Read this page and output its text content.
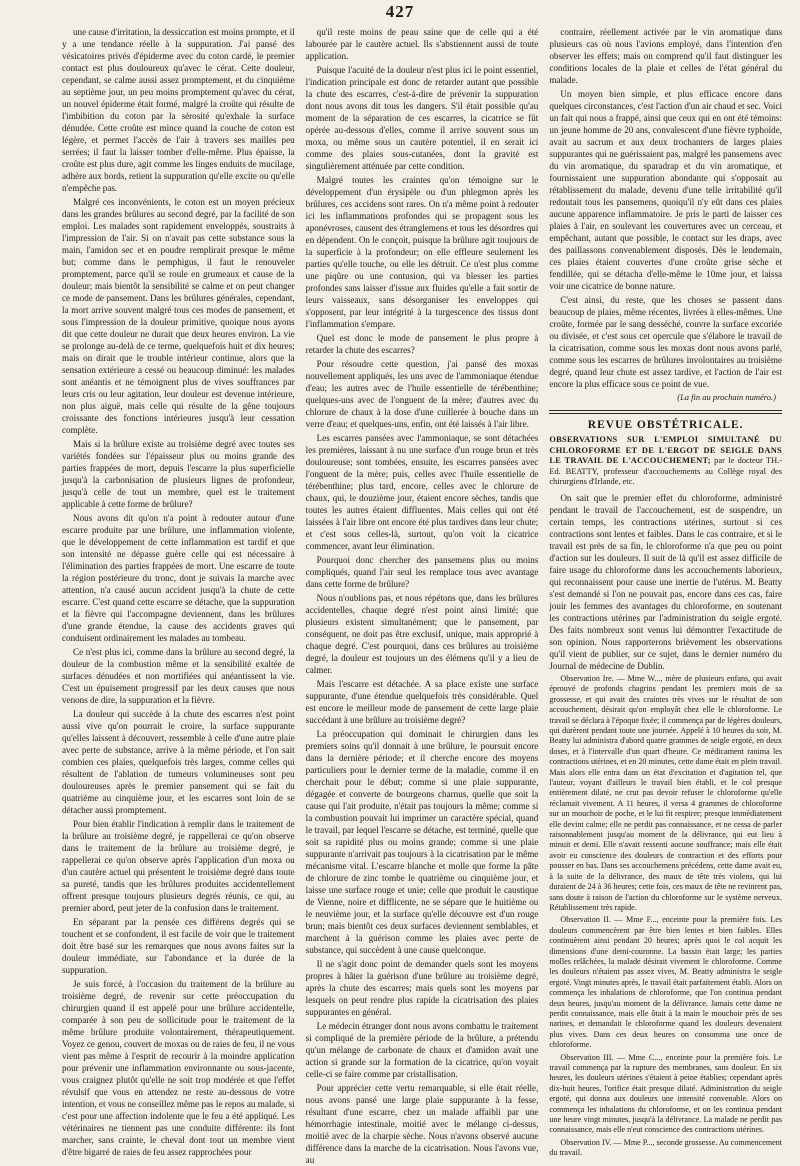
427

une cause d'irritation, la dessiccation est moins prompte, et il y a une tendance réelle à la suppuration. J'ai pansé des vésicatoires privés d'épiderme avec du coton cardé, le premier contact est plus douloureux qu'avec le cérat. Cette douleur, cependant, se calme aussi assez promptement, et du cinquième au septième jour, un peu moins promptement qu'avec du cérat, un nouvel épiderme était formé, malgré la croûte qui résulte de l'imbibition du coton par la sérosité qu'exhale la surface dénudée. Cette croûte est mince quand la couche de coton est légère, et permet l'accès de l'air à travers ses mailles peu serrées; il faut la laisser tomber d'elle-même. Plus épaisse, la croûte est plus dure, agit comme les linges enduits de mucilage, adhère aux bords, retient la suppuration qu'elle excite ou qu'elle n'empêche pas.

Malgré ces inconvénients, le coton est un moyen précieux dans les grandes brûlures au second degré, par la facilité de son emploi. Les malades sont rapidement enveloppés, soustraits à l'impression de l'air. Si on n'avait pas cette substance sous la main, l'amidon sec et en poudre remplirait presque le même but; comme dans le pemphigus, il faut le renouveler promptement, parce qu'il se roule en grumeaux et cause de la douleur; mais bientôt la sensibilité se calme et on peut changer ce mode de pansement. Dans les brûlures générales, cependant, la mort arrive souvent malgré tous ces modes de pansement, et sous l'impression de la douleur primitive, quoique nous ayons dit que cette douleur ne durait que deux heures environ. La vie se prolonge au-delà de ce terme, quelquefois huit et dix heures; mais on dirait que le trouble intérieur continue, alors que la sensation extérieure a cessé ou beaucoup diminué: les malades sont anéantis et ne témoignent plus de vives souffrances par leurs cris ou leur agitation, leur douleur est devenue intérieure, non plus aiguë, mais celle qui résulte de la gêne toujours croissante des fonctions intérieures jusqu'à leur cessation complète.

Mais si la brûlure existe au troisième degré avec toutes ses variétés fondées sur l'épaisseur plus ou moins grande des parties frappées de mort, depuis l'escarre la plus superficielle jusqu'à la carbonisation de plusieurs lignes de profondeur, jusqu'à celle de tout un membre, quel est le traitement applicable à cette forme de brûlure?

Nous avons dit qu'on n'a point à redouter autour d'une escarre produite par une brûlure, une inflammation violente, que le développement de cette inflammation est tardif et que son intensité ne dépasse guère celle qui est nécessaire à l'élimination des parties frappées de mort. Une escarre de toute la région postérieure du tronc, dont je suivais la marche avec attention, n'a causé aucun accident jusqu'à la chute de cette escarre. C'est quand cette escarre se détache, que la suppuration et la fièvre qui l'accompagne deviennent, dans les brûlures d'une grande étendue, la cause des accidents graves qui conduisent ordinairement les malades au tombeau.

Ce n'est plus ici, comme dans la brûlure au second degré, la douleur de la combustion même et la sensibilité exaltée de surfaces dénudées et non mortifiées qui anéantissent la vie. C'est un épuisement progressif par les deux causes que nous venons de dire, la suppuration et la fièvre.

La douleur qui succède à la chute des escarres n'est point aussi vive qu'on pourrait le croire, la surface suppurante qu'elles laissent à découvert, ressemble à celle d'une autre plaie avec perte de substance, arrive à la même période, et l'on sait combien ces plaies, quelquefois très larges, comme celles qui résultent de l'ablation de tumeurs volumineuses sont peu douloureuses après le premier pansement qui se fait du quatrième au cinquième jour, et les escarres sont loin de se détacher aussi promptement.

Pour bien établir l'indication à remplir dans le traitement de la brûlure au troisième degré, je rappellerai ce qu'on observe dans le traitement de la brûlure au troisième degré, je rappellerai ce qu'on observe après l'application d'un moxa ou d'un cautère actuel qui présentent le troisième degré dans toute sa pureté, tandis que les brûlures produites accidentellement offrent presque toujours plusieurs degrés réunis, ce qui, au premier abord, peut jeter de la confusion dans le traitement.

En séparant par la pensée ces différens degrés qui se touchent et se confondent, il est facile de voir que le traitement doit être basé sur les remarques que nous avons faites sur la douleur immédiate, sur l'abondance et la durée de la suppuration.

Je suis forcé, à l'occasion du traitement de la brûlure au troisième degré, de revenir sur cette préoccupation du chirurgien quand il est appelé pour une brûlure accidentelle, comparée à son peu de sollicitude pour le traitement de la même brûlure produite volontairement, thérapeutiquement. Voyez ce genou, couvert de moxas ou de raies de feu, il ne vous vient pas même à l'esprit de recourir à la moindre application pour prévenir une inflammation environnante ou sous-jacente, vous craignez plutôt qu'elle ne soit trop modérée et que l'effet révulsif que vous en attendez ne reste au-dessous de votre intention, et vous ne conseillez même pas le repos au malade, si c'est pour une affection indolente que le feu a été appliqué. Les vétérinaires ne tiennent pas une conduite différente: ils font marcher, sans crainte, le cheval dont tout un membre vient d'être bigarré de raies de feu assez rapprochées pour

qu'il reste moins de peau saine que de celle qui a été labourée par le cautère actuel. Ils s'abstiennent aussi de toute application.

Puisque l'acuité de la douleur n'est plus ici le point essentiel, l'indication principale est donc de retarder autant que possible la chute des escarres, c'est-à-dire de prévenir la suppuration dont nous avons dit tous les dangers. S'il était possible qu'au moment de la séparation de ces escarres, la cicatrice se fût opérée au-dessous d'elles, comme il arrive souvent sous un moxa, ou même sous un cautère potentiel, il en serait ici comme des plaies sous-cutanées, dont la gravité est singulièrement atténuée par cette condition.

Malgré toutes les craintes qu'on témoigne sur le développement d'un érysipèle ou d'un phlegmon après les brûlures, ces accidens sont rares. On n'a même point à redouter ici les inflammations profondes qui se propagent sous les aponévroses, causent des étranglemens et tous les désordres qui en dépendent. On le conçoit, puisque la brûlure agit toujours de la superficie à la profondeur; on elle effleure seulement les parties qu'elle touche, ou elle les détruit. Ce n'est plus comme une piqûre ou une contusion, qui va blesser les parties profondes sans laisser d'issue aux fluides qu'elle a fait sortir de leurs vaisseaux, sans désorganiser les enveloppes qui s'opposent, par leur intégrité à la turgescence des tissus dont l'inflammation s'empare.

Quel est donc le mode de pansement le plus propre à retarder la chute des escarres?

Pour résoudre cette question, j'ai pansé des moxas nouvellement appliqués, les uns avec de l'ammoniaque étendue d'eau; les autres avec de l'huile essentielle de térébenthine; quelques-uns avec de l'onguent de la mère; d'autres avec du chlorure de chaux à la dose d'une cuillerée à bouche dans un verre d'eau; et quelques-uns, enfin, ont été laissés à l'air libre.

Les escarres pansées avec l'ammoniaque, se sont détachées les premières, laissant à nu une surface d'un rouge brun et très douloureuse; sont tombées, ensuite, les escarres pansées avec l'onguent de la mère; puis, celles avec l'huile essentielle de térébenthine; plus tard, encore, celles avec le chlorure de chaux, qui, le douzième jour, étaient encore sèches, tandis que toutes les autres étaient diffluentes. Mais celles qui ont été laissées à l'air libre ont encore été plus tardives dans leur chute; et c'est sous celles-là, surtout, qu'on voit la cicatrice commencer, avant leur élimination.

Pourquoi donc chercher des pansemens plus ou moins compliqués, quand l'air seul les remplace tous avec avantage dans cette forme de brûlure?

Nous n'oublions pas, et nous répétons que, dans les brûlures accidentelles, chaque degré n'est point ainsi limité; que plusieurs existent simultanément; que le pansement, par conséquent, ne doit pas être exclusif, unique, mais approprié à chaque degré. C'est pourquoi, dans ces brûlures au troisième degré, la douleur est toujours un des élémens qu'il y a lieu de calmer.

Mais l'escarre est détachée. A sa place existe une surface suppurante, d'une étendue quelquefois très considérable. Quel est encore le meilleur mode de pansement de cette large plaie succédant à une brûlure au troisième degré?

La préoccupation qui dominait le chirurgien dans les premiers soins qu'il donnait à une brûlure, le poursuit encore dans la dernière période; et il cherche encore des moyens particuliers pour le dernier terme de la maladie, comme il en cherchait pour le début; comme si une plaie suppurante, dégagée et converte de bourgeons charnus, quelle que soit la cause qui l'ait produite, n'était pas toujours la même; comme si la combustion pouvait lui imprimer un caractère spécial, quand le travail, par lequel l'escarre se détache, est terminé, quelle que soit sa rapidité plus ou moins grande; comme si une plaie suppurante n'arrivait pas toujours à la cicatrisation par le même mécanisme vital. L'escarre blanche et molle que forme la pâte de chlorure de zinc tombe le quatrième ou cinquième jour, et laisse une surface rouge et unie; celle que produit le caustique de Vienne, noire et difflicente, ne se sépare que le huitième ou le neuvième jour, et la surface qu'elle découvre est d'un rouge brun; mais bientôt ces deux surfaces deviennent semblables, et marchent à la guérison comme les plaies avec perte de substance, qui succèdent à une cause quelconque.

Il ne s'agit donc point de demander quels sont les moyens propres à hâter la guérison d'une brûlure au troisième degré, après la chute des escarres; mais quels sont les moyens par lesquels on peut rendre plus rapide la cicatrisation des plaies suppurantes en général.

Le médecin étranger dont nous avons combattu le traitement si compliqué de la première période de la brûlure, a prétendu qu'un mélange de carbonate de chaux et d'amidon avait une action si grande sur la formation de la cicatrice, qu'on voyait celle-ci se faire comme par cristallisation.

Pour apprécier cette vertu remarquable, si elle était réelle, nous avons pansé une large plaie suppurante à la fesse, résultant d'une escarre, chez un malade affaibli par une hémorrhagie intestinale, moitié avec le mélange ci-dessus, moitié avec de la charpie sèche. Nous n'avons observé aucune différence dans la marche de la cicatrisation. Nous l'avons vue, au

contraire, réellement activée par le vin aromatique dans plusieurs cas où nous l'avions employé, dans l'intention d'en observer les effets; mais on comprend qu'il faut distinguer les conditions locales de la plaie et celles de l'état général du malade.

Un moyen bien simple, et plus efficace encore dans quelques circonstances, c'est l'action d'un air chaud et sec. Voici un fait qui nous a frappé, ainsi que ceux qui en ont été témoins: un jeune homme de 20 ans, convalescent d'une fièvre typhoïde, avait au sacrum et aux deux trochanters de larges plaies suppurantes qui ne guérissaient pas, malgré les pansemens avec du vin aromatique, du sparadrap et du vin aromatique, et fournissaient une suppuration abondante qui s'opposait au rétablissement du malade, devenu d'une telle irritabilité qu'il redoutait tous les pansemens, quoiqu'il n'y eût dans ces plaies aucune apparence inflammatoire. Je pris le parti de laisser ces plaies à l'air, en soulevant les couvertures avec un cerceau, et empêchant, autant que possible, le contact sur les draps, avec des paillassons convenablement disposés. Dès le lendemain, ces plaies étaient couvertes d'une croûte grise sèche et fendillée, qui se détacha d'elle-même le 10me jour, et laissa voir une cicatrice de bonne nature.

C'est ainsi, du reste, que les choses se passent dans beaucoup de plaies, même récentes, livrées à elles-mêmes. Une croûte, formée par le sang desséché, couvre la surface excoriée ou divisée, et c'est sous cet opercule que s'élabore le travail de la cicatrisation, comme sous les moxas dont nous avons parlé, comme sous les escarres de brûlures involontaires au troisième degré, quand leur chute est assez tardive, et l'action de l'air est encore la plus efficace sous ce point de vue.

(La fin au prochain numéro.)
REVUE OBSTÉTRICALE.
OBSERVATIONS SUR L'EMPLOI SIMULTANÉ DU CHLOROFORME ET DE L'ERGOT DE SEIGLE DANS LE TRAVAIL DE L'ACCOUCHEMENT; par le docteur TH.-Ed. BEATTY, professeur d'accouchements au Collège royal des chirurgiens d'Irlande, etc.

On sait que le premier effet du chloroforme, administré pendant le travail de l'accouchement, est de suspendre, un certain temps, les contractions utérines, surtout si ces contractions sont lentes et faibles. Dans le cas contraire, et si le travail est près de sa fin, le chloroforme n'a que peu ou point d'action sur les douleurs. Il suit de là qu'il est assez difficile de faire usage du chloroforme dans les accouchements laborieux, qui reconnaissent pour cause une inertie de l'utérus. M. Beatty s'est demandé si l'on ne pouvait pas, encore dans ces cas, faire jouir les femmes des avantages du chloroforme, en soutenant les contractions utérines par l'administration du seigle ergoté. Des faits nombreux sont venus lui démontrer l'exactitude de son opinion. Nous rapporterons brièvement les observations qu'il vient de publier, sur ce sujet, dans le dernier numéro du Journal de médecine de Dublin.

Observation Ire. — Mme W..., mère de plusieurs enfans, qui avait éprouvé de profonds chagrins pendant les premiers mois de sa grossesse, et qui avait des craintes très vives sur le résultat de son accouchement, désirait qu'on employât chez elle le chloroforme. Le travail se déclara à l'époque fixée; il commença par de légères douleurs, qui durèrent pendant toute une journée. Appelé à 10 heures du soir, M. Beatty lui administra d'abord quatre grammes de seigle ergoté, en deux doses, et à l'intervalle d'un quart d'heure. Ce médicament ranima les contractions utérines, et en 20 minutes, cette dame était en plein travail. Mais alors elle entra dans un état d'excitation et d'agitation tel, que l'auteur, voyant d'ailleurs le travail bien établi, et le col presque entièrement dilaté, ne crut pas devoir refuser le chloroforme qu'elle réclamait vivement. A 11 heures, il versa 4 grammes de chloroforme sur un mouchoir de poche, et le lui fit respirer; presque immédiatement elle devint calme; elle ne perdit pas connaissance, et ne cessa de parler raisonnablement jusqu'au moment de la délivrance, qui eut lieu à minuit et demi. Elle n'avait ressenti aucune souffrance; mais elle était avoir eu conscience des douleurs de contraction et des efforts pour pousser en bas. Dans ses accouchemens précédens, cette dame avait eu, à la suite de la délivrance, des maux de tête très violens, qui lui duraient de 24 à 36 heures; cette fois, ces maux de tête ne revinrent pas, sans doute à raison de l'action du chloroforme sur le système nerveux. Rétablissement très rapide.

Observation II. — Mme F..., enceinte pour la première fois. Les douleurs commencèrent par être bien lentes et bien faibles. Elles continuèrent ainsi pendant 20 heures; après quoi le col acquit les dimensions d'une demi-couronne. La bassin était large; les parties molles relâchées, la malade désirait vivement le chloroforme. Comme les douleurs n'étaient pas assez vives, M. Beatty administra le seigle ergoté. Vingt minutes après, le travail était parfaitement établi. Alors on commença les inhalations de chloroforme, que l'on continua pendant deux heures, jusqu'au moment de la délivrance. Jamais cette dame ne perdit connaissance, mais elle ôtait à la main le mouchoir près de ses narines, et demandait le chloroforme quand les douleurs devenaient plus vives. Dans ces deux heures on consomma une once de chloroforme.

Observation III. — Mme C..., enceinte pour la première fois. Le travail commença par la rupture des membranes, sans douleur. En six heures, les douleurs utérines s'étaient à peine établies; cependant après dix-huit heures, l'orifice était presque dilaté. Administration du seigle ergoté, qui donna aux douleurs une intensité convenable. Alors on commença les inhalations du chloroforme, et on les continua pendant une heure vingt minutes, jusqu'à la délivrance. La malade ne perdit pas connaissance, mais elle n'eut conscience des contractions utérines.

Observation IV. — Mme P..., seconde grossesse. Au commencement du travail.
